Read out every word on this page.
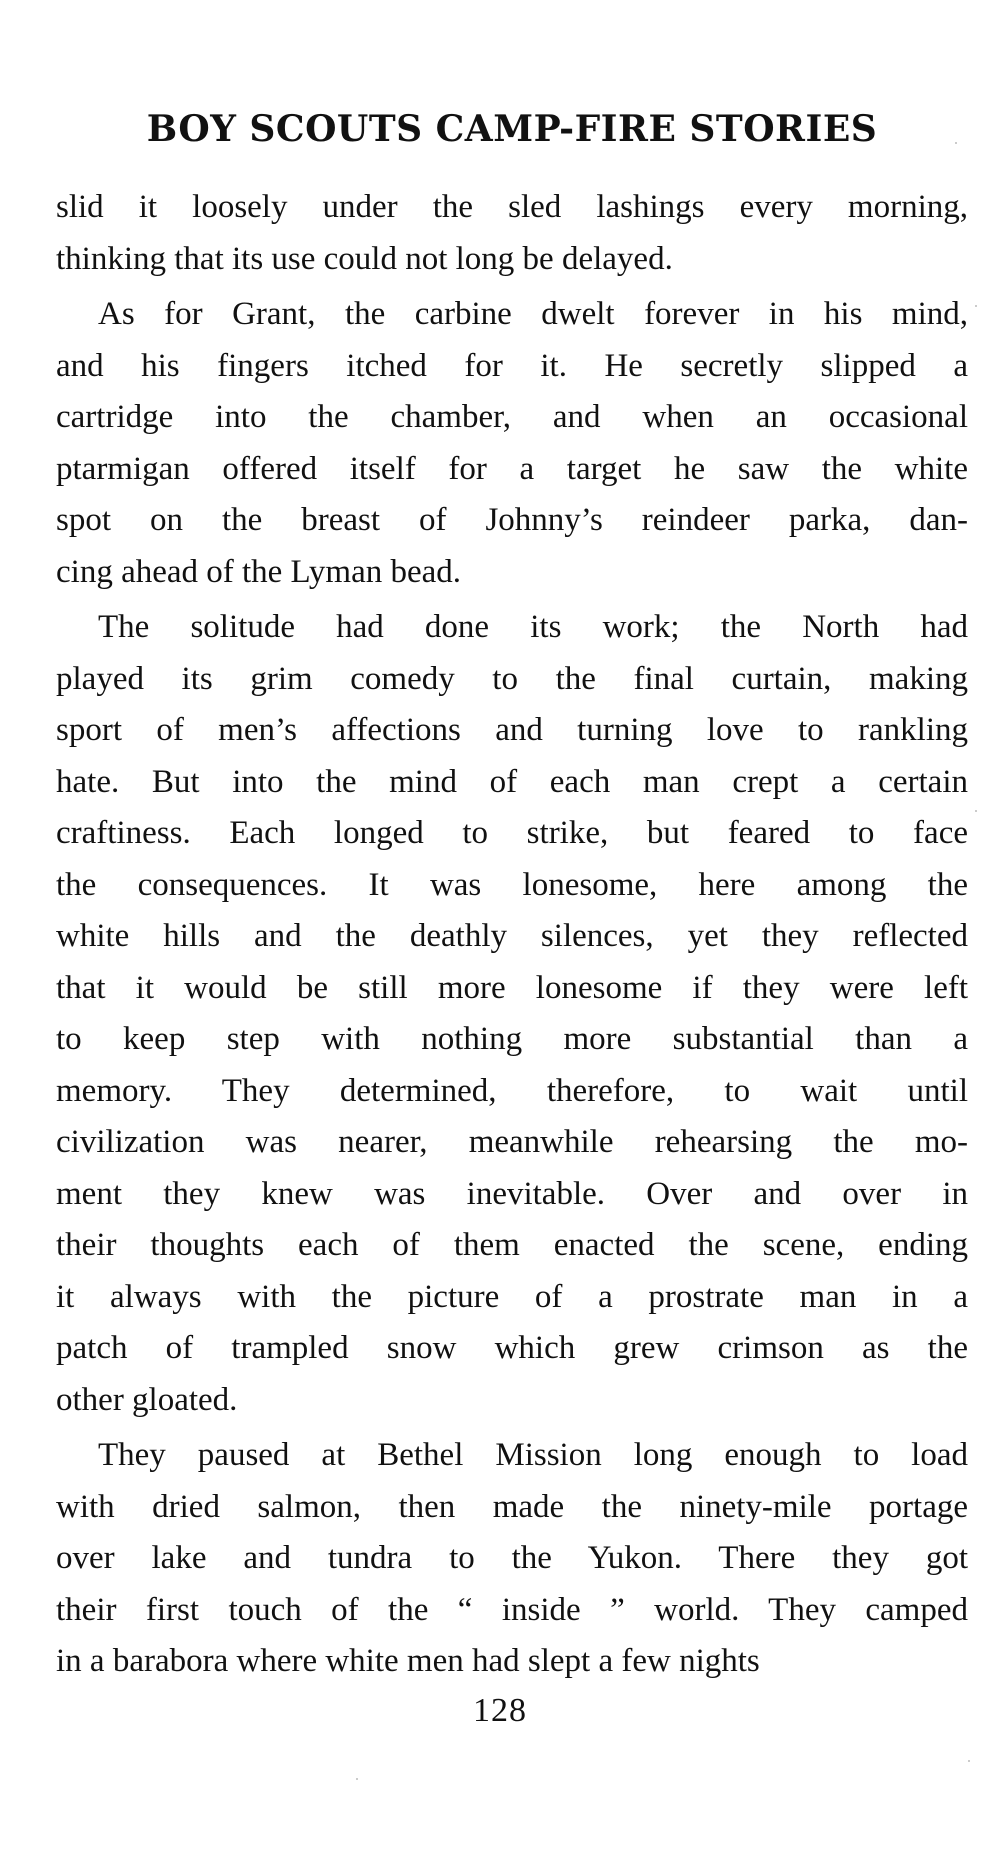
BOY SCOUTS CAMP-FIRE STORIES
slid it loosely under the sled lashings every morning,
thinking that its use could not long be delayed.
As for Grant, the carbine dwelt forever in his mind,
and his fingers itched for it. He secretly slipped a
cartridge into the chamber, and when an occasional
ptarmigan offered itself for a target he saw the white
spot on the breast of Johnny’s reindeer parka, dan-
cing ahead of the Lyman bead.
The solitude had done its work; the North had
played its grim comedy to the final curtain, making
sport of men’s affections and turning love to rankling
hate. But into the mind of each man crept a certain
craftiness. Each longed to strike, but feared to face
the consequences. It was lonesome, here among the
white hills and the deathly silences, yet they reflected
that it would be still more lonesome if they were left
to keep step with nothing more substantial than a
memory. They determined, therefore, to wait until
civilization was nearer, meanwhile rehearsing the mo-
ment they knew was inevitable. Over and over in
their thoughts each of them enacted the scene, ending
it always with the picture of a prostrate man in a
patch of trampled snow which grew crimson as the
other gloated.
They paused at Bethel Mission long enough to load
with dried salmon, then made the ninety-mile portage
over lake and tundra to the Yukon. There they got
their first touch of the “ inside ” world. They camped
in a barabora where white men had slept a few nights
128
